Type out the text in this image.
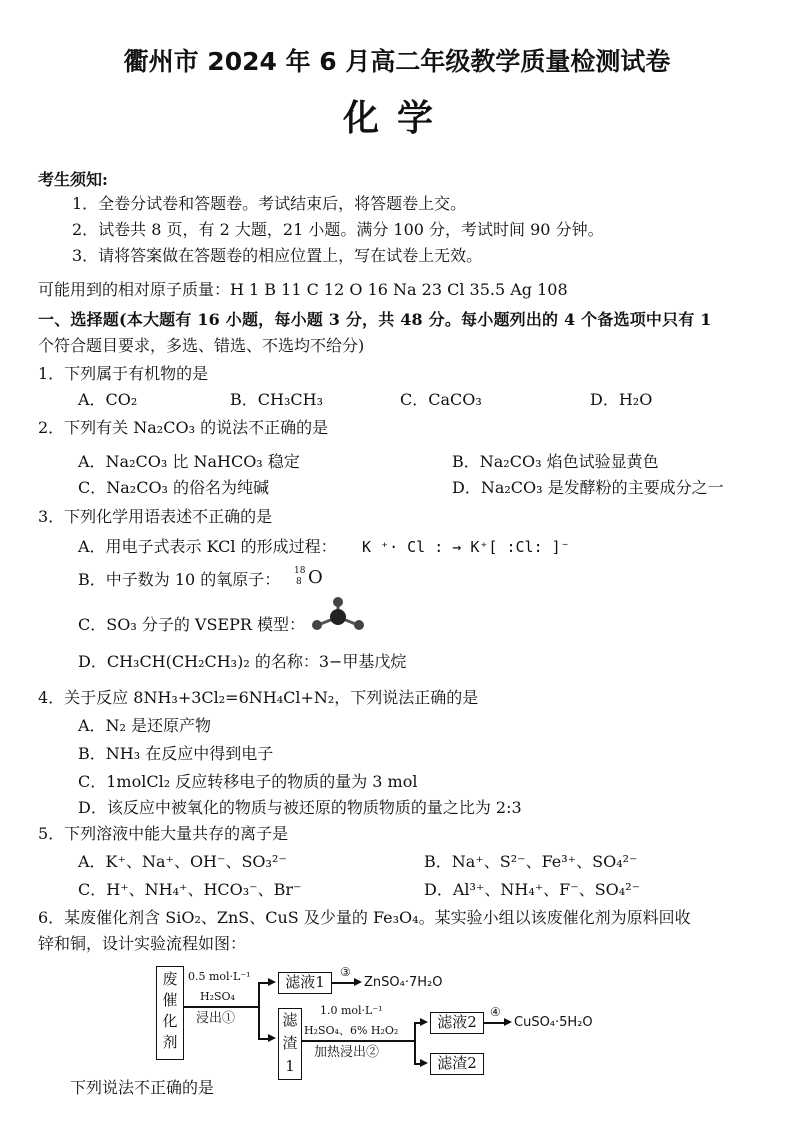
衢州市 2024 年 6 月高二年级教学质量检测试卷
化学
考生须知:
1．全卷分试卷和答题卷。考试结束后，将答题卷上交。
2．试卷共 8 页，有 2 大题，21 小题。满分 100 分，考试时间 90 分钟。
3．请将答案做在答题卷的相应位置上，写在试卷上无效。
可能用到的相对原子质量：H 1 B 11 C 12 O 16 Na 23 Cl 35.5 Ag 108
一、选择题(本大题有 16 小题，每小题 3 分，共 48 分。每小题列出的 4 个备选项中只有 1
个符合题目要求，多选、错选、不选均不给分)
1．下列属于有机物的是
A．CO₂	B．CH₃CH₃	C．CaCO₃	D．H₂O
2．下列有关 Na₂CO₃ 的说法不正确的是
A．Na₂CO₃ 比 NaHCO₃ 稳定	B．Na₂CO₃ 焰色试验显黄色
C．Na₂CO₃ 的俗名为纯碱	D．Na₂CO₃ 是发酵粉的主要成分之一
3．下列化学用语表述不正确的是
A．用电子式表示 KCl 的形成过程： K ⁺· Cl : → K⁺[ :Cl: ]⁻
B．中子数为 10 的氧原子： 18
8 O
C．SO₃ 分子的 VSEPR 模型：
D．CH₃CH(CH₂CH₃)₂ 的名称：3−甲基戊烷
4．关于反应 8NH₃+3Cl₂=6NH₄Cl+N₂，下列说法正确的是
A．N₂ 是还原产物
B．NH₃ 在反应中得到电子
C．1molCl₂ 反应转移电子的物质的量为 3 mol
D．该反应中被氧化的物质与被还原的物质物质的量之比为 2:3
5．下列溶液中能大量共存的离子是
A．K⁺、Na⁺、OH⁻、SO₃²⁻	B．Na⁺、S²⁻、Fe³⁺、SO₄²⁻
C．H⁺、NH₄⁺、HCO₃⁻、Br⁻	D．Al³⁺、NH₄⁺、F⁻、SO₄²⁻
6．某废催化剂含 SiO₂、ZnS、CuS 及少量的 Fe₃O₄。某实验小组以该废催化剂为原料回收
锌和铜，设计实验流程如图：
废
催
化
剂
0.5 mol·L⁻¹
H₂SO₄
浸出①
滤液1
③
ZnSO₄·7H₂O
滤
渣
1
1.0 mol·L⁻¹
H₂SO₄、6% H₂O₂
加热浸出②
滤液2
④
CuSO₄·5H₂O
滤渣2
下列说法不正确的是
